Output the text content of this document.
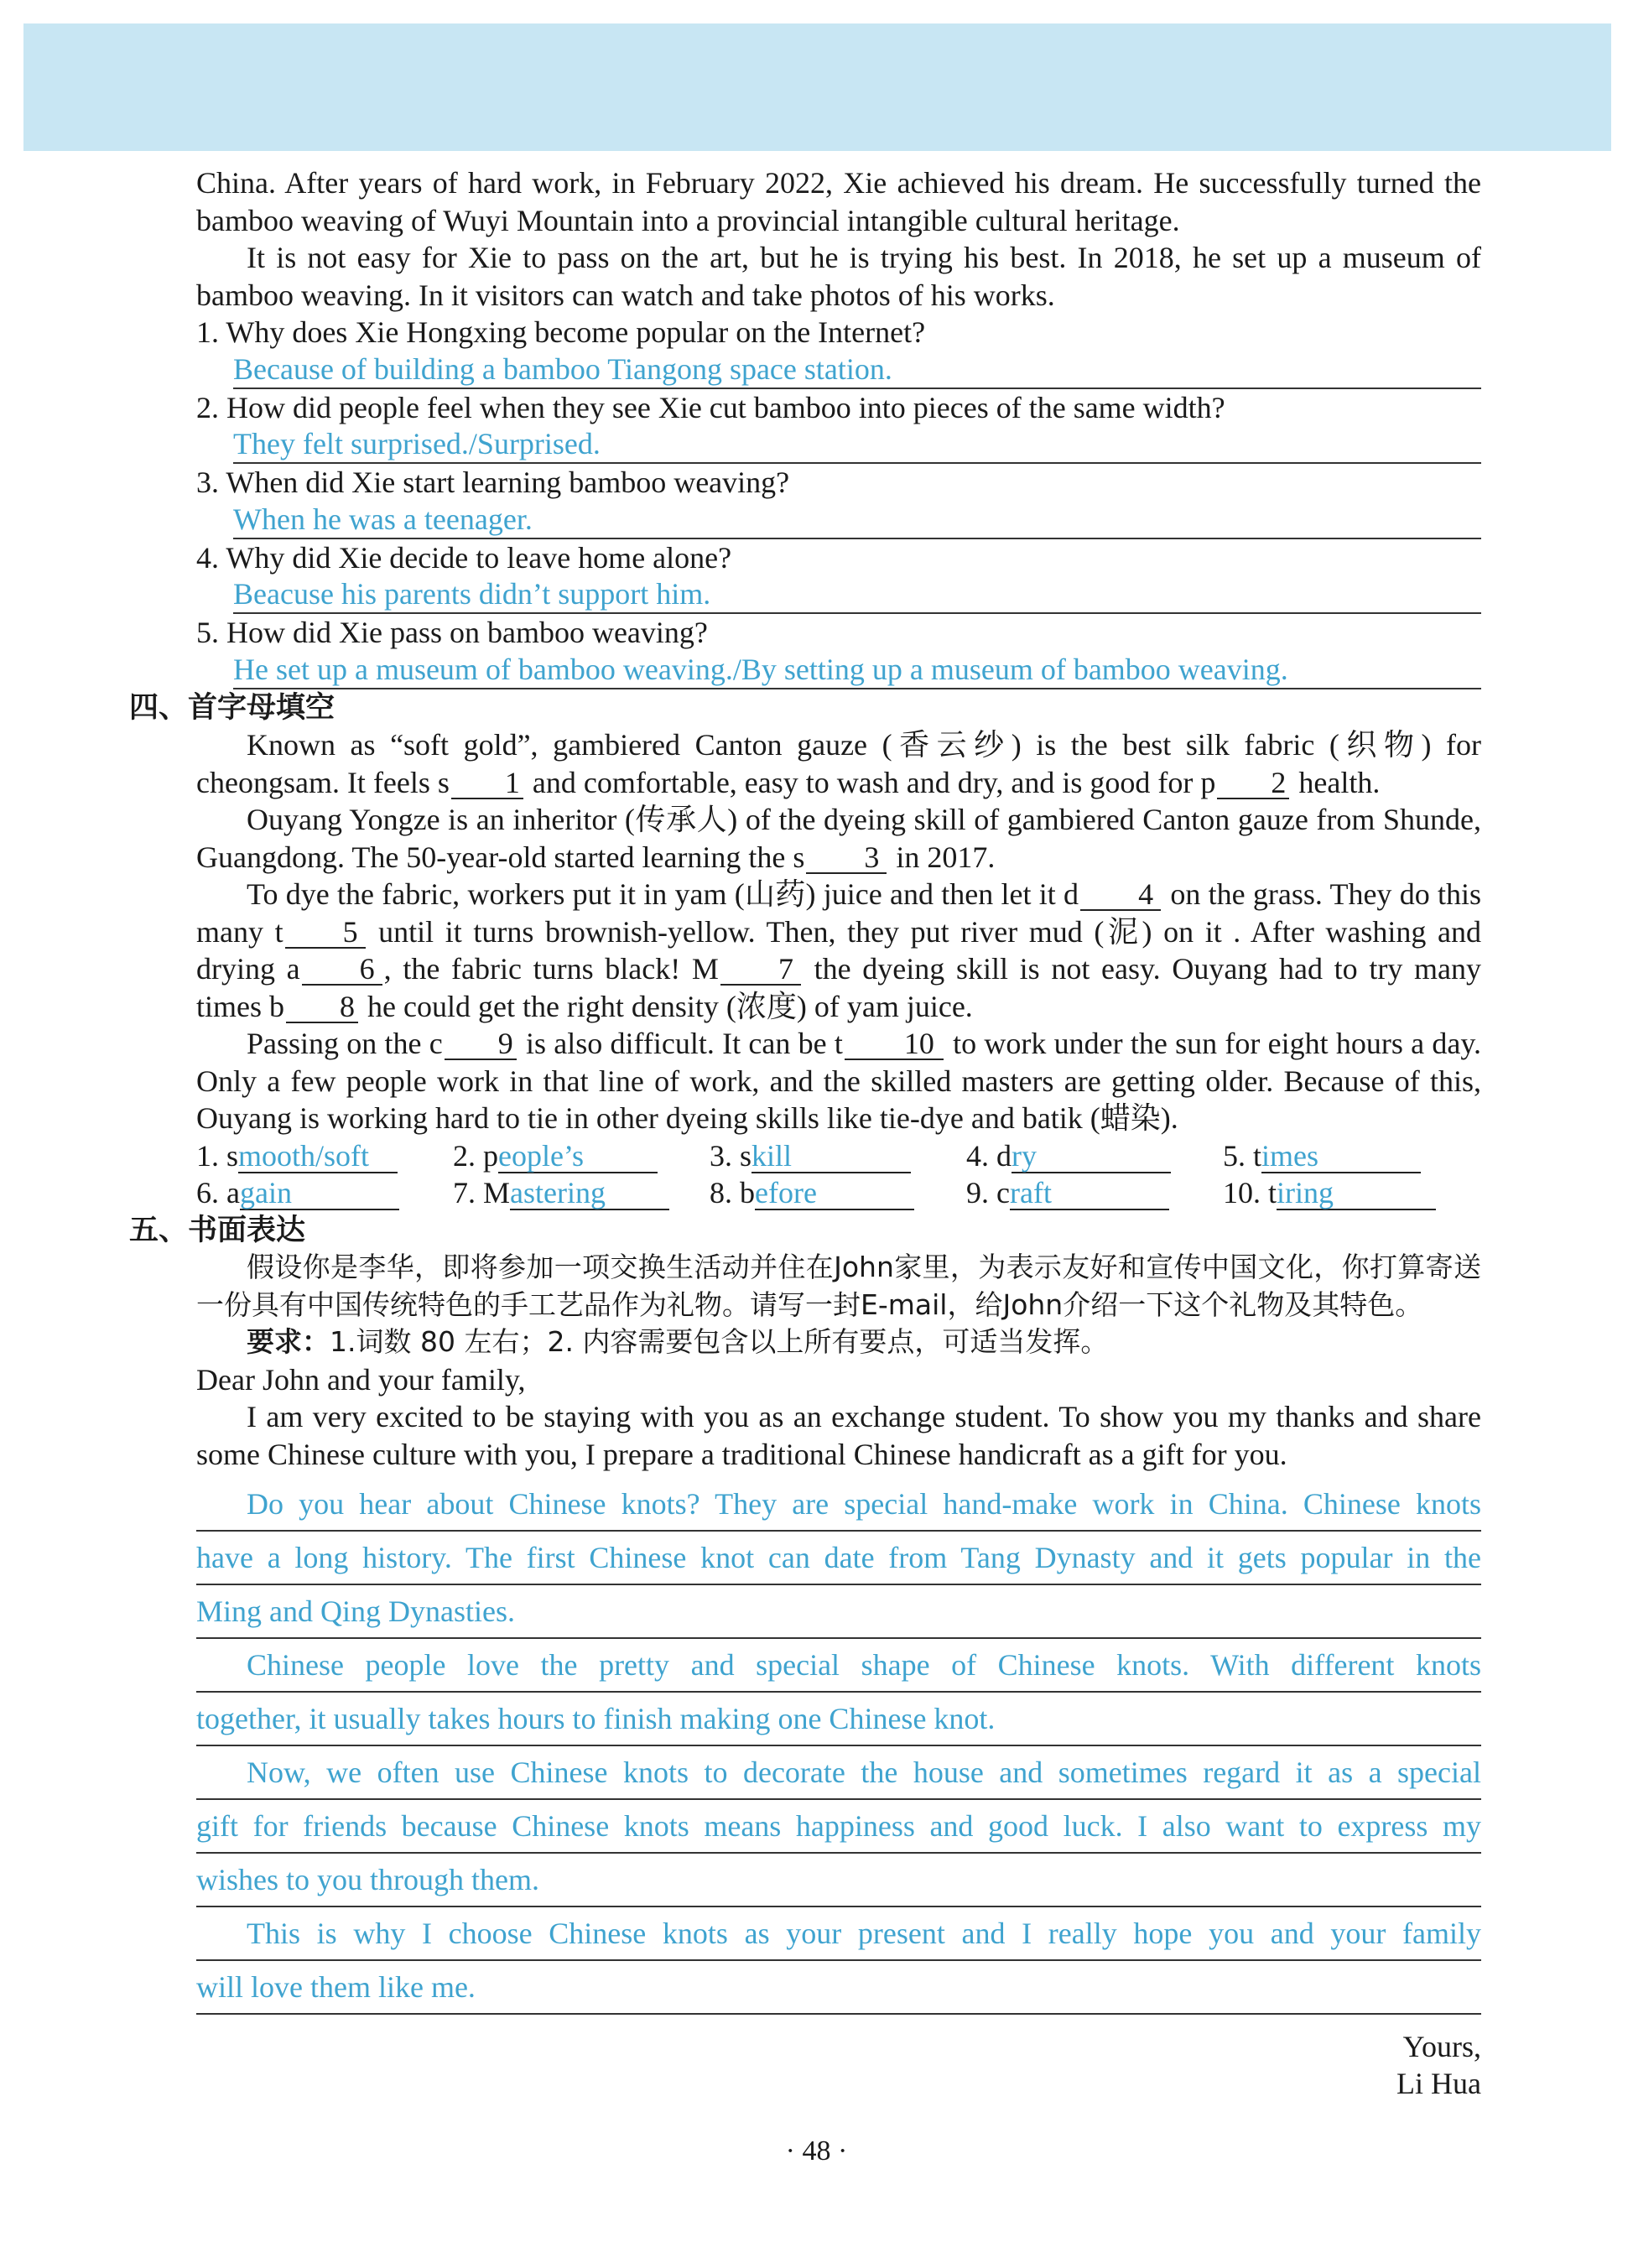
China. After years of hard work, in February 2022, Xie achieved his dream. He successfully turned the bamboo weaving of Wuyi Mountain into a provincial intangible cultural heritage.

It is not easy for Xie to pass on the art, but he is trying his best. In 2018, he set up a museum of bamboo weaving. In it visitors can watch and take photos of his works.

1. Why does Xie Hongxing become popular on the Internet?

Because of building a bamboo Tiangong space station.

2. How did people feel when they see Xie cut bamboo into pieces of the same width?

They felt surprised./Surprised.

3. When did Xie start learning bamboo weaving?

When he was a teenager.

4. Why did Xie decide to leave home alone?

Beacuse his parents didn’t support him.

5. How did Xie pass on bamboo weaving?

He set up a museum of bamboo weaving./By setting up a museum of bamboo weaving.

四、首字母填空

Known as “soft gold”, gambiered Canton gauze (香云纱) is the best silk fabric (织物) for cheongsam. It feels s 1 and comfortable, easy to wash and dry, and is good for p 2 health.

Ouyang Yongze is an inheritor (传承人) of the dyeing skill of gambiered Canton gauze from Shunde, Guangdong. The 50-year-old started learning the s 3 in 2017.

To dye the fabric, workers put it in yam (山药) juice and then let it d 4 on the grass. They do this many t 5 until it turns brownish-yellow. Then, they put river mud (泥) on it . After washing and drying a 6 , the fabric turns black! M 7 the dyeing skill is not easy. Ouyang had to try many times b 8 he could get the right density (浓度) of yam juice.

Passing on the c 9 is also difficult. It can be t 10 to work under the sun for eight hours a day. Only a few people work in that line of work, and the skilled masters are getting older. Because of this, Ouyang is working hard to tie in other dyeing skills like tie-dye and batik (蜡染).

1. s mooth/soft	2. p eople’s	3. s kill	4. d ry	5. t imes
6. a gain	7. M astering	8. b efore	9. c raft	10. t iring

五、书面表达

假设你是李华，即将参加一项交换生活动并住在John家里，为表示友好和宣传中国文化，你打算寄送一份具有中国传统特色的手工艺品作为礼物。请写一封E-mail，给John介绍一下这个礼物及其特色。

要求：1.词数 80 左右；2. 内容需要包含以上所有要点，可适当发挥。

Dear John and your family,

I am very excited to be staying with you as an exchange student. To show you my thanks and share some Chinese culture with you, I prepare a traditional Chinese handicraft as a gift for you.

Do you hear about Chinese knots? They are special hand-make work in China. Chinese knots
have a long history. The first Chinese knot can date from Tang Dynasty and it gets popular in the
Ming and Qing Dynasties.
Chinese people love the pretty and special shape of Chinese knots. With different knots
together, it usually takes hours to finish making one Chinese knot.
Now, we often use Chinese knots to decorate the house and sometimes regard it as a special
gift for friends because Chinese knots means happiness and good luck. I also want to express my
wishes to you through them.
This is why I choose Chinese knots as your present and I really hope you and your family
will love them like me.

Yours,
Li Hua

· 48 ·
